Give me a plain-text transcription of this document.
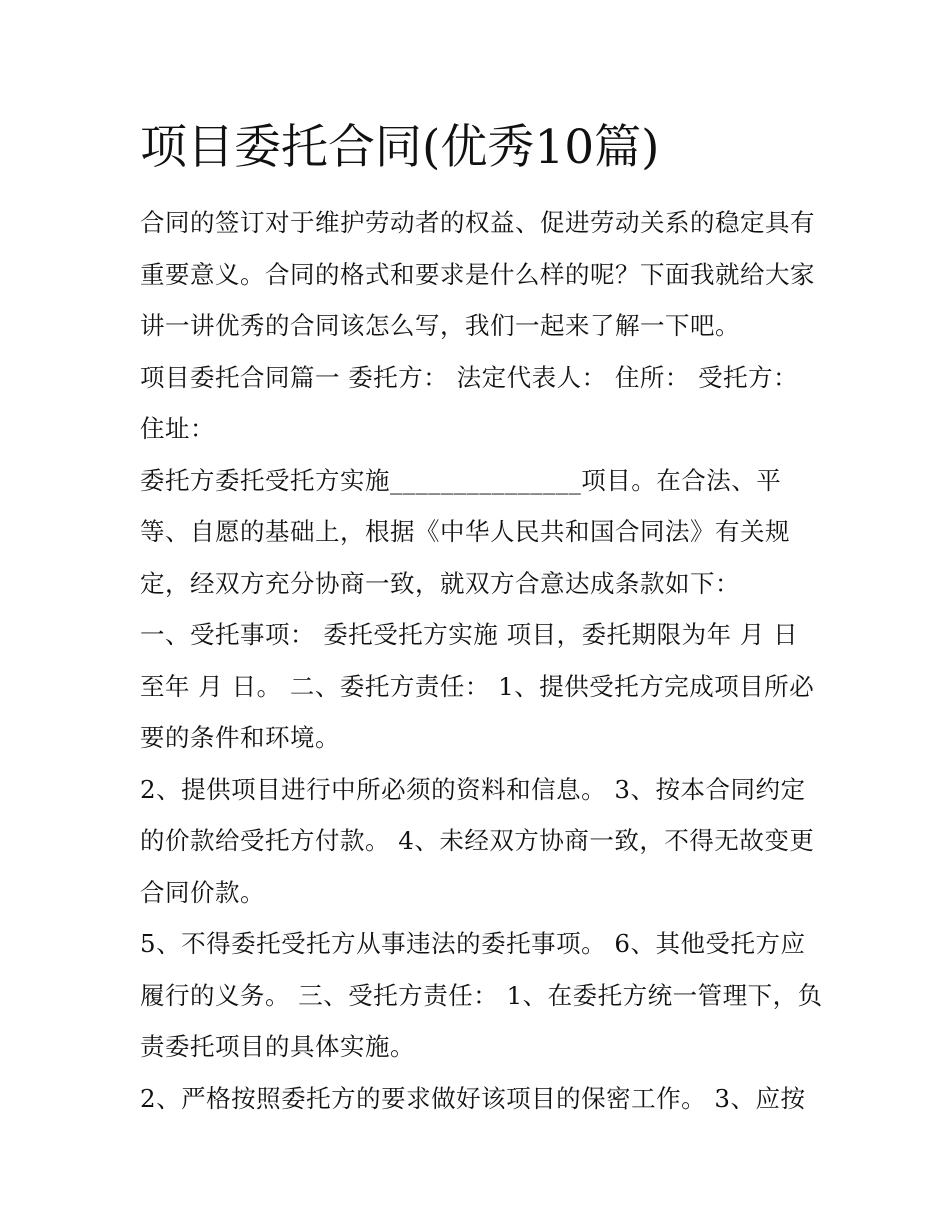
项目委托合同(优秀10篇)
合同的签订对于维护劳动者的权益、促进劳动关系的稳定具有
重要意义。合同的格式和要求是什么样的呢？下面我就给大家
讲一讲优秀的合同该怎么写，我们一起来了解一下吧。
项目委托合同篇一 委托方： 法定代表人： 住所： 受托方：
住址：
委托方委托受托方实施_______________项目。在合法、平
等、自愿的基础上，根据《中华人民共和国合同法》有关规
定，经双方充分协商一致，就双方合意达成条款如下：
一、受托事项： 委托受托方实施 项目，委托期限为年 月 日
至年 月 日。 二、委托方责任： 1、提供受托方完成项目所必
要的条件和环境。
2、提供项目进行中所必须的资料和信息。 3、按本合同约定
的价款给受托方付款。 4、未经双方协商一致，不得无故变更
合同价款。
5、不得委托受托方从事违法的委托事项。 6、其他受托方应
履行的义务。 三、受托方责任： 1、在委托方统一管理下，负
责委托项目的具体实施。
2、严格按照委托方的要求做好该项目的保密工作。 3、应按
